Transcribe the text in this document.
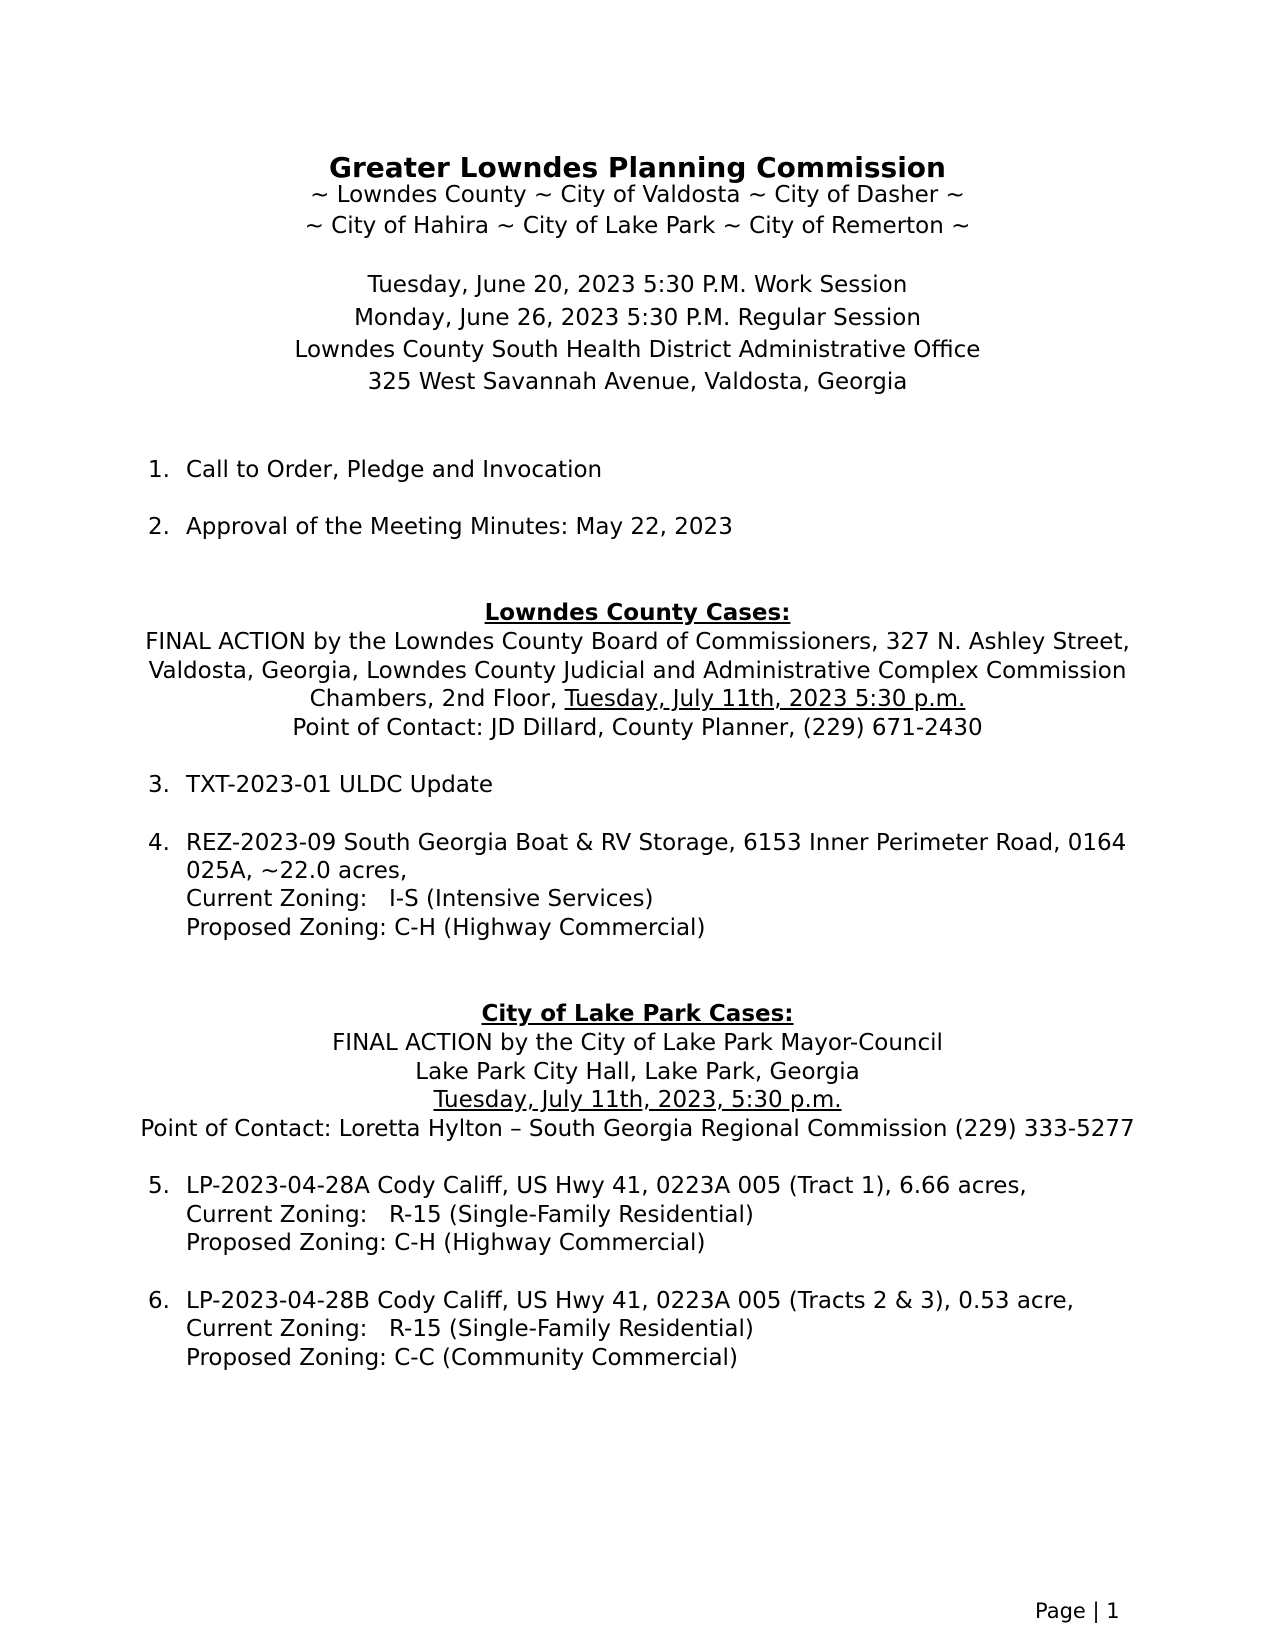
Greater Lowndes Planning Commission
~ Lowndes County ~ City of Valdosta ~ City of Dasher ~
~ City of Hahira ~ City of Lake Park ~ City of Remerton ~
Tuesday, June 20, 2023 5:30 P.M. Work Session
Monday, June 26, 2023 5:30 P.M. Regular Session
Lowndes County South Health District Administrative Office
325 West Savannah Avenue, Valdosta, Georgia
1. Call to Order, Pledge and Invocation
2. Approval of the Meeting Minutes: May 22, 2023
Lowndes County Cases:
FINAL ACTION by the Lowndes County Board of Commissioners, 327 N. Ashley Street,
Valdosta, Georgia, Lowndes County Judicial and Administrative Complex Commission
Chambers, 2nd Floor, Tuesday, July 11th, 2023 5:30 p.m.
Point of Contact: JD Dillard, County Planner, (229) 671-2430
3. TXT-2023-01 ULDC Update
4. REZ-2023-09 South Georgia Boat & RV Storage, 6153 Inner Perimeter Road, 0164
025A, ~22.0 acres,
Current Zoning: I-S (Intensive Services)
Proposed Zoning: C-H (Highway Commercial)
City of Lake Park Cases:
FINAL ACTION by the City of Lake Park Mayor-Council
Lake Park City Hall, Lake Park, Georgia
Tuesday, July 11th, 2023, 5:30 p.m.
Point of Contact: Loretta Hylton – South Georgia Regional Commission (229) 333-5277
5. LP-2023-04-28A Cody Califf, US Hwy 41, 0223A 005 (Tract 1), 6.66 acres,
Current Zoning: R-15 (Single-Family Residential)
Proposed Zoning: C-H (Highway Commercial)
6. LP-2023-04-28B Cody Califf, US Hwy 41, 0223A 005 (Tracts 2 & 3), 0.53 acre,
Current Zoning: R-15 (Single-Family Residential)
Proposed Zoning: C-C (Community Commercial)
Page | 1
